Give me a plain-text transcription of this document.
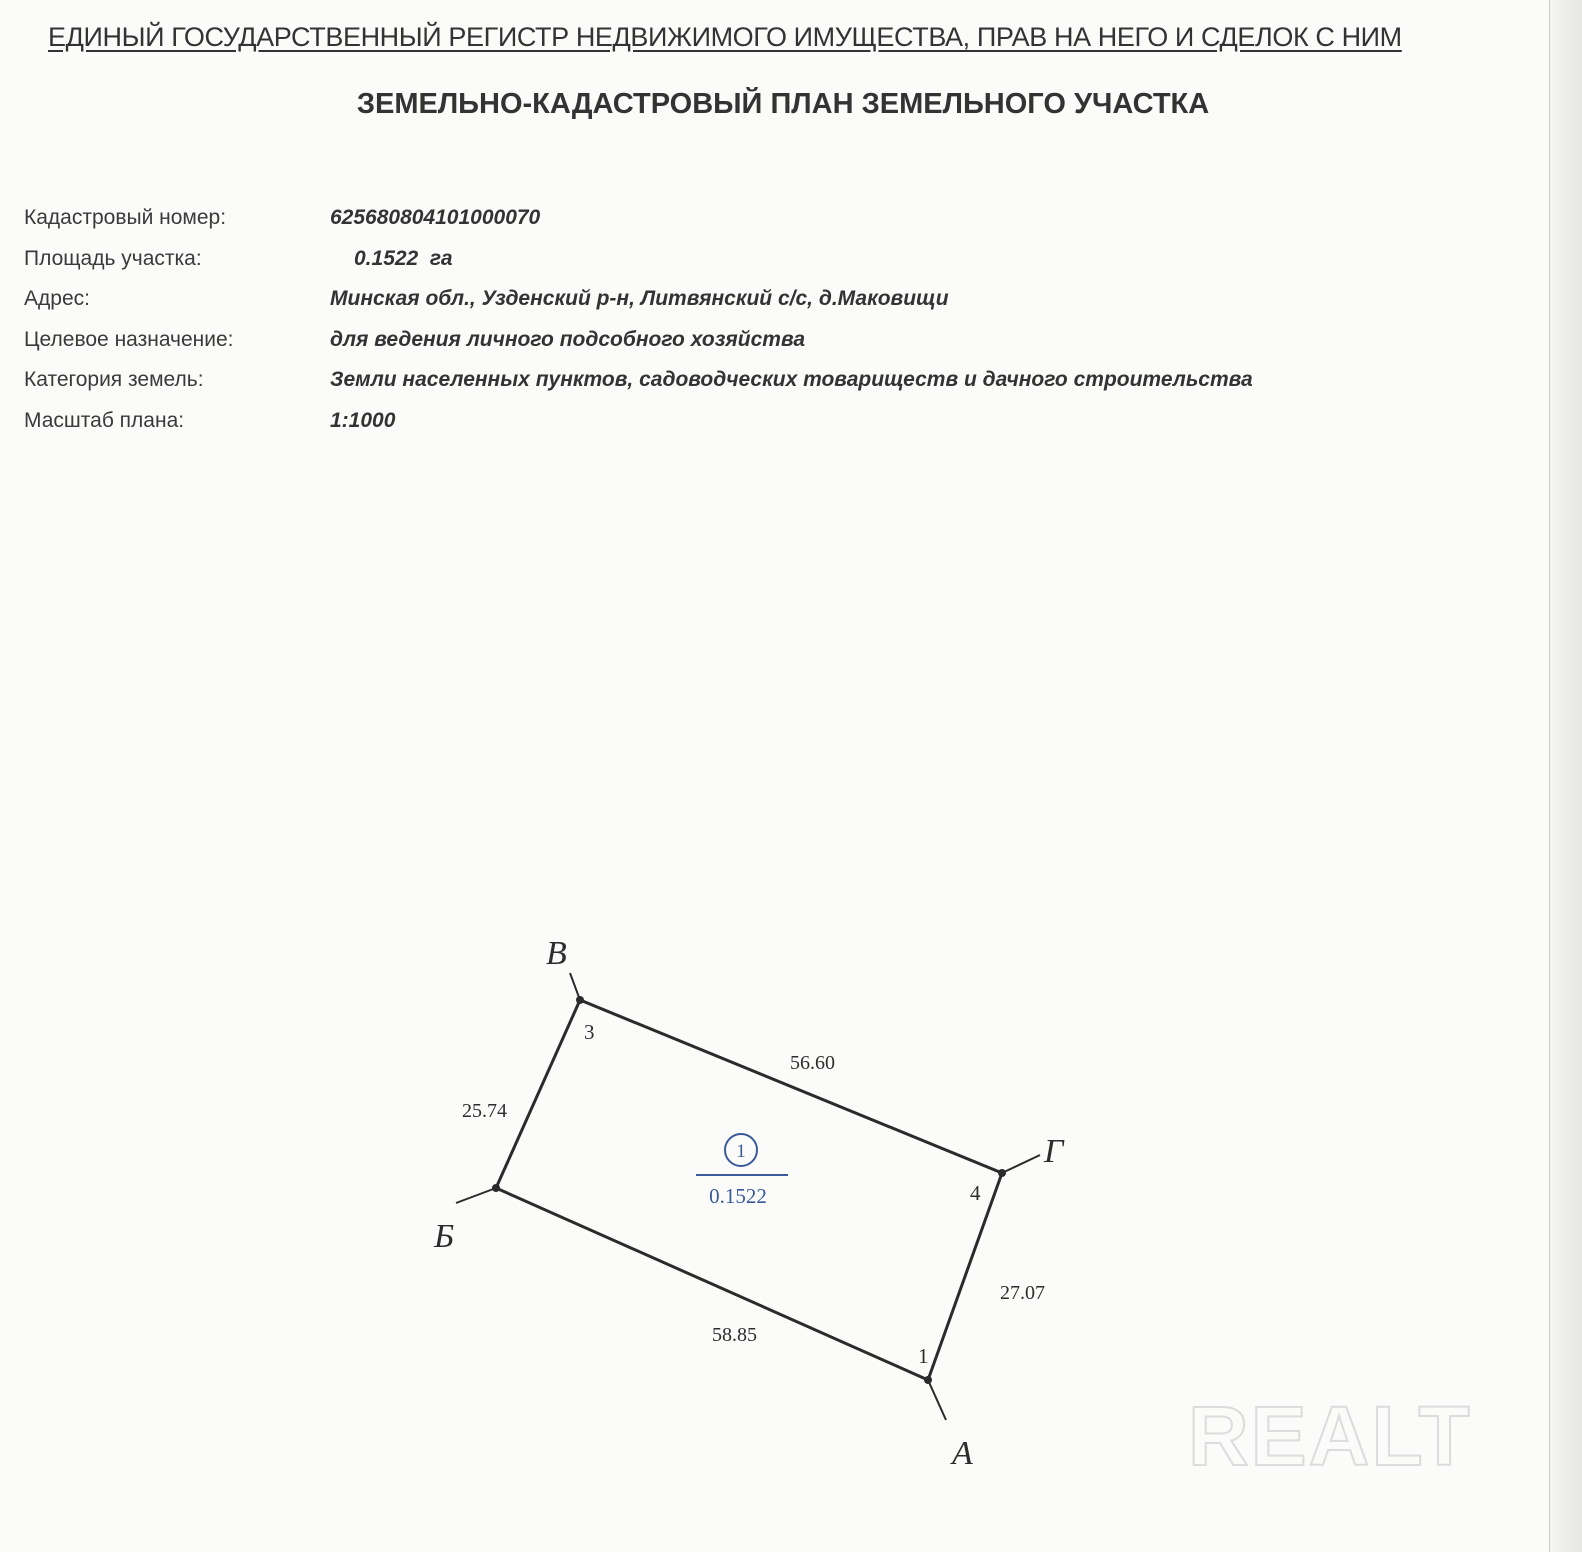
ЕДИНЫЙ ГОСУДАРСТВЕННЫЙ РЕГИСТР НЕДВИЖИМОГО ИМУЩЕСТВА, ПРАВ НА НЕГО И СДЕЛОК С НИМ
ЗЕМЕЛЬНО-КАДАСТРОВЫЙ ПЛАН ЗЕМЕЛЬНОГО УЧАСТКА
Кадастровый номер:	625680804101000070
Площадь участка:	0.1522  га
Адрес:	Минская обл., Узденский р-н, Литвянский с/с, д.Маковищи
Целевое назначение:	для ведения личного подсобного хозяйства
Категория земель:	Земли населенных пунктов, садоводческих товариществ и дачного строительства
Масштаб плана:	1:1000
1
3
4
А
Б
В
Г
58.85
25.74
56.60
27.07
1
0.1522
REALT
